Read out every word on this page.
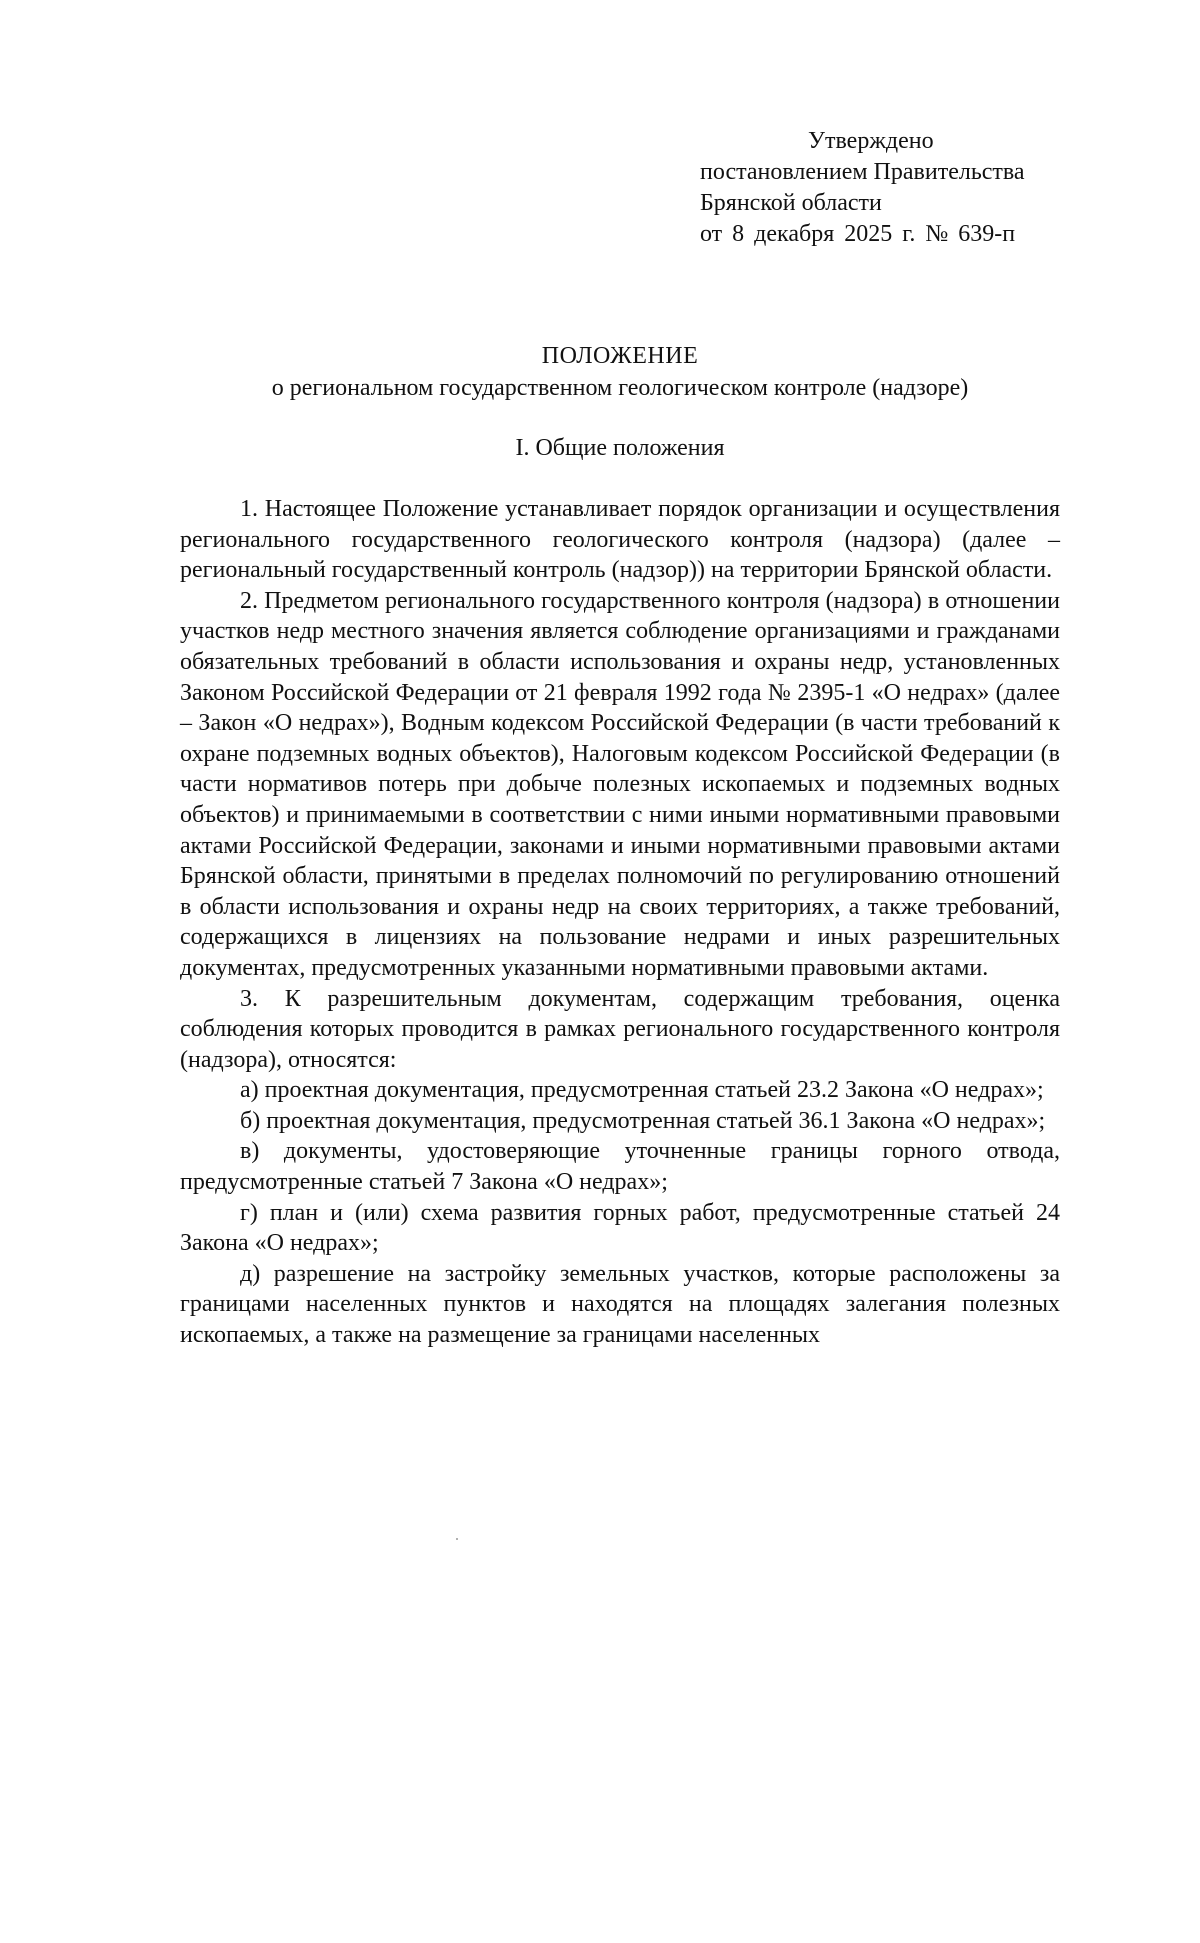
Утверждено
постановлением Правительства
Брянской области
от 8 декабря 2025 г. № 639-п
ПОЛОЖЕНИЕ
о региональном государственном геологическом контроле (надзоре)
I. Общие положения

1. Настоящее Положение устанавливает порядок организации и осуществления регионального государственного геологического контроля (надзора) (далее – региональный государственный контроль (надзор)) на территории Брянской области.

2. Предметом регионального государственного контроля (надзора) в отношении участков недр местного значения является соблюдение организациями и гражданами обязательных требований в области использования и охраны недр, установленных Законом Российской Федерации от 21 февраля 1992 года № 2395-1 «О недрах» (далее – Закон «О недрах»), Водным кодексом Российской Федерации (в части требований к охране подземных водных объектов), Налоговым кодексом Российской Федерации (в части нормативов потерь при добыче полезных ископаемых и подземных водных объектов) и принимаемыми в соответствии с ними иными нормативными правовыми актами Российской Федерации, законами и иными нормативными правовыми актами Брянской области, принятыми в пределах полномочий по регулированию отношений в области использования и охраны недр на своих территориях, а также требований, содержащихся в лицензиях на пользование недрами и иных разрешительных документах, предусмотренных указанными нормативными правовыми актами.

3. К разрешительным документам, содержащим требования, оценка соблюдения которых проводится в рамках регионального государственного контроля (надзора), относятся:

а) проектная документация, предусмотренная статьей 23.2 Закона «О недрах»;

б) проектная документация, предусмотренная статьей 36.1 Закона «О недрах»;

в) документы, удостоверяющие уточненные границы горного отвода, предусмотренные статьей 7 Закона «О недрах»;

г) план и (или) схема развития горных работ, предусмотренные статьей 24 Закона «О недрах»;

д) разрешение на застройку земельных участков, которые расположены за границами населенных пунктов и находятся на площадях залегания полезных ископаемых, а также на размещение за границами населенных
